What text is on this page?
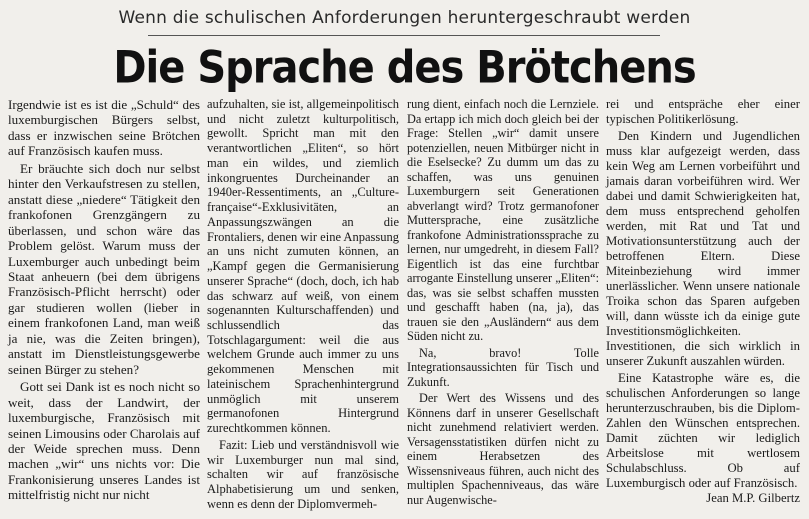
Wenn die schulischen Anforderungen heruntergeschraubt werden
Die Sprache des Brötchens

Irgendwie ist es ist die „Schuld“ des luxemburgischen Bürgers selbst, dass er inzwischen seine Brötchen auf Französisch kaufen muss.

Er bräuchte sich doch nur selbst hinter den Verkaufstresen zu stellen, anstatt diese „niedere“ Tätigkeit den frankofonen Grenzgängern zu überlassen, und schon wäre das Problem gelöst. Warum muss der Luxemburger auch unbedingt beim Staat anheuern (bei dem übrigens Französisch-Pflicht herrscht) oder gar studieren wollen (lieber in einem frankofonen Land, man weiß ja nie, was die Zeiten bringen), anstatt im Dienstleistungsgewerbe seinen Bürger zu stehen?

Gott sei Dank ist es noch nicht so weit, dass der Landwirt, der luxemburgische, Französisch mit seinen Limousins oder Charolais auf der Weide sprechen muss. Denn machen „wir“ uns nichts vor: Die Frankonisierung unseres Landes ist mittelfristig nicht nur nicht

aufzuhalten, sie ist, allgemeinpolitisch und nicht zuletzt kulturpolitisch, gewollt. Spricht man mit den verantwortlichen „Eliten“, so hört man ein wildes, und ziemlich inkongruentes Durcheinander an 1940er-Ressentiments, an „Culture-française“-Exklusivitäten, an Anpassungszwängen an die Frontaliers, denen wir eine Anpassung an uns nicht zumuten können, an „Kampf gegen die Germanisierung unserer Sprache“ (doch, doch, ich hab das schwarz auf weiß, von einem sogenannten Kulturschaffenden) und schlussendlich das Totschlagargument: weil die aus welchem Grunde auch immer zu uns gekommenen Menschen mit lateinischem Sprachenhintergrund unmöglich mit unserem germanofonen Hintergrund zurechtkommen können.

Fazit: Lieb und verständnisvoll wie wir Luxemburger nun mal sind, schalten wir auf französische Alphabetisierung um und senken, wenn es denn der Diplomvermeh-

rung dient, einfach noch die Lernziele. Da ertapp ich mich doch gleich bei der Frage: Stellen „wir“ damit unsere potenziellen, neuen Mitbürger nicht in die Eselsecke? Zu dumm um das zu schaffen, was uns genuinen Luxemburgern seit Generationen abverlangt wird? Trotz germanofoner Muttersprache, eine zusätzliche frankofone Administrationssprache zu lernen, nur umgedreht, in diesem Fall? Eigentlich ist das eine furchtbar arrogante Einstellung unserer „Eliten“: das, was sie selbst schaffen mussten und geschafft haben (na, ja), das trauen sie den „Ausländern“ aus dem Süden nicht zu.

Na, bravo! Tolle Integrationsaussichten für Tisch und Zukunft.

Der Wert des Wissens und des Könnens darf in unserer Gesellschaft nicht zunehmend relativiert werden. Versagensstatistiken dürfen nicht zu einem Herabsetzen des Wissensniveaus führen, auch nicht des multiplen Spachenniveaus, das wäre nur Augenwische-

rei und entspräche eher einer typischen Politikerlösung.

Den Kindern und Jugendlichen muss klar aufgezeigt werden, dass kein Weg am Lernen vorbeiführt und jamais daran vorbeiführen wird. Wer dabei und damit Schwierigkeiten hat, dem muss entsprechend geholfen werden, mit Rat und Tat und Motivationsunterstützung auch der betroffenen Eltern. Diese Miteinbeziehung wird immer unerlässlicher. Wenn unsere nationale Troika schon das Sparen aufgeben will, dann wüsste ich da einige gute Investitionsmöglichkeiten. Investitionen, die sich wirklich in unserer Zukunft auszahlen würden.

Eine Katastrophe wäre es, die schulischen Anforderungen so lange herunterzuschrauben, bis die Diplom-Zahlen den Wünschen entsprechen. Damit züchten wir lediglich Arbeitslose mit wertlosem Schulabschluss. Ob auf Luxemburgisch oder auf Französisch.

Jean M.P. Gilbertz
